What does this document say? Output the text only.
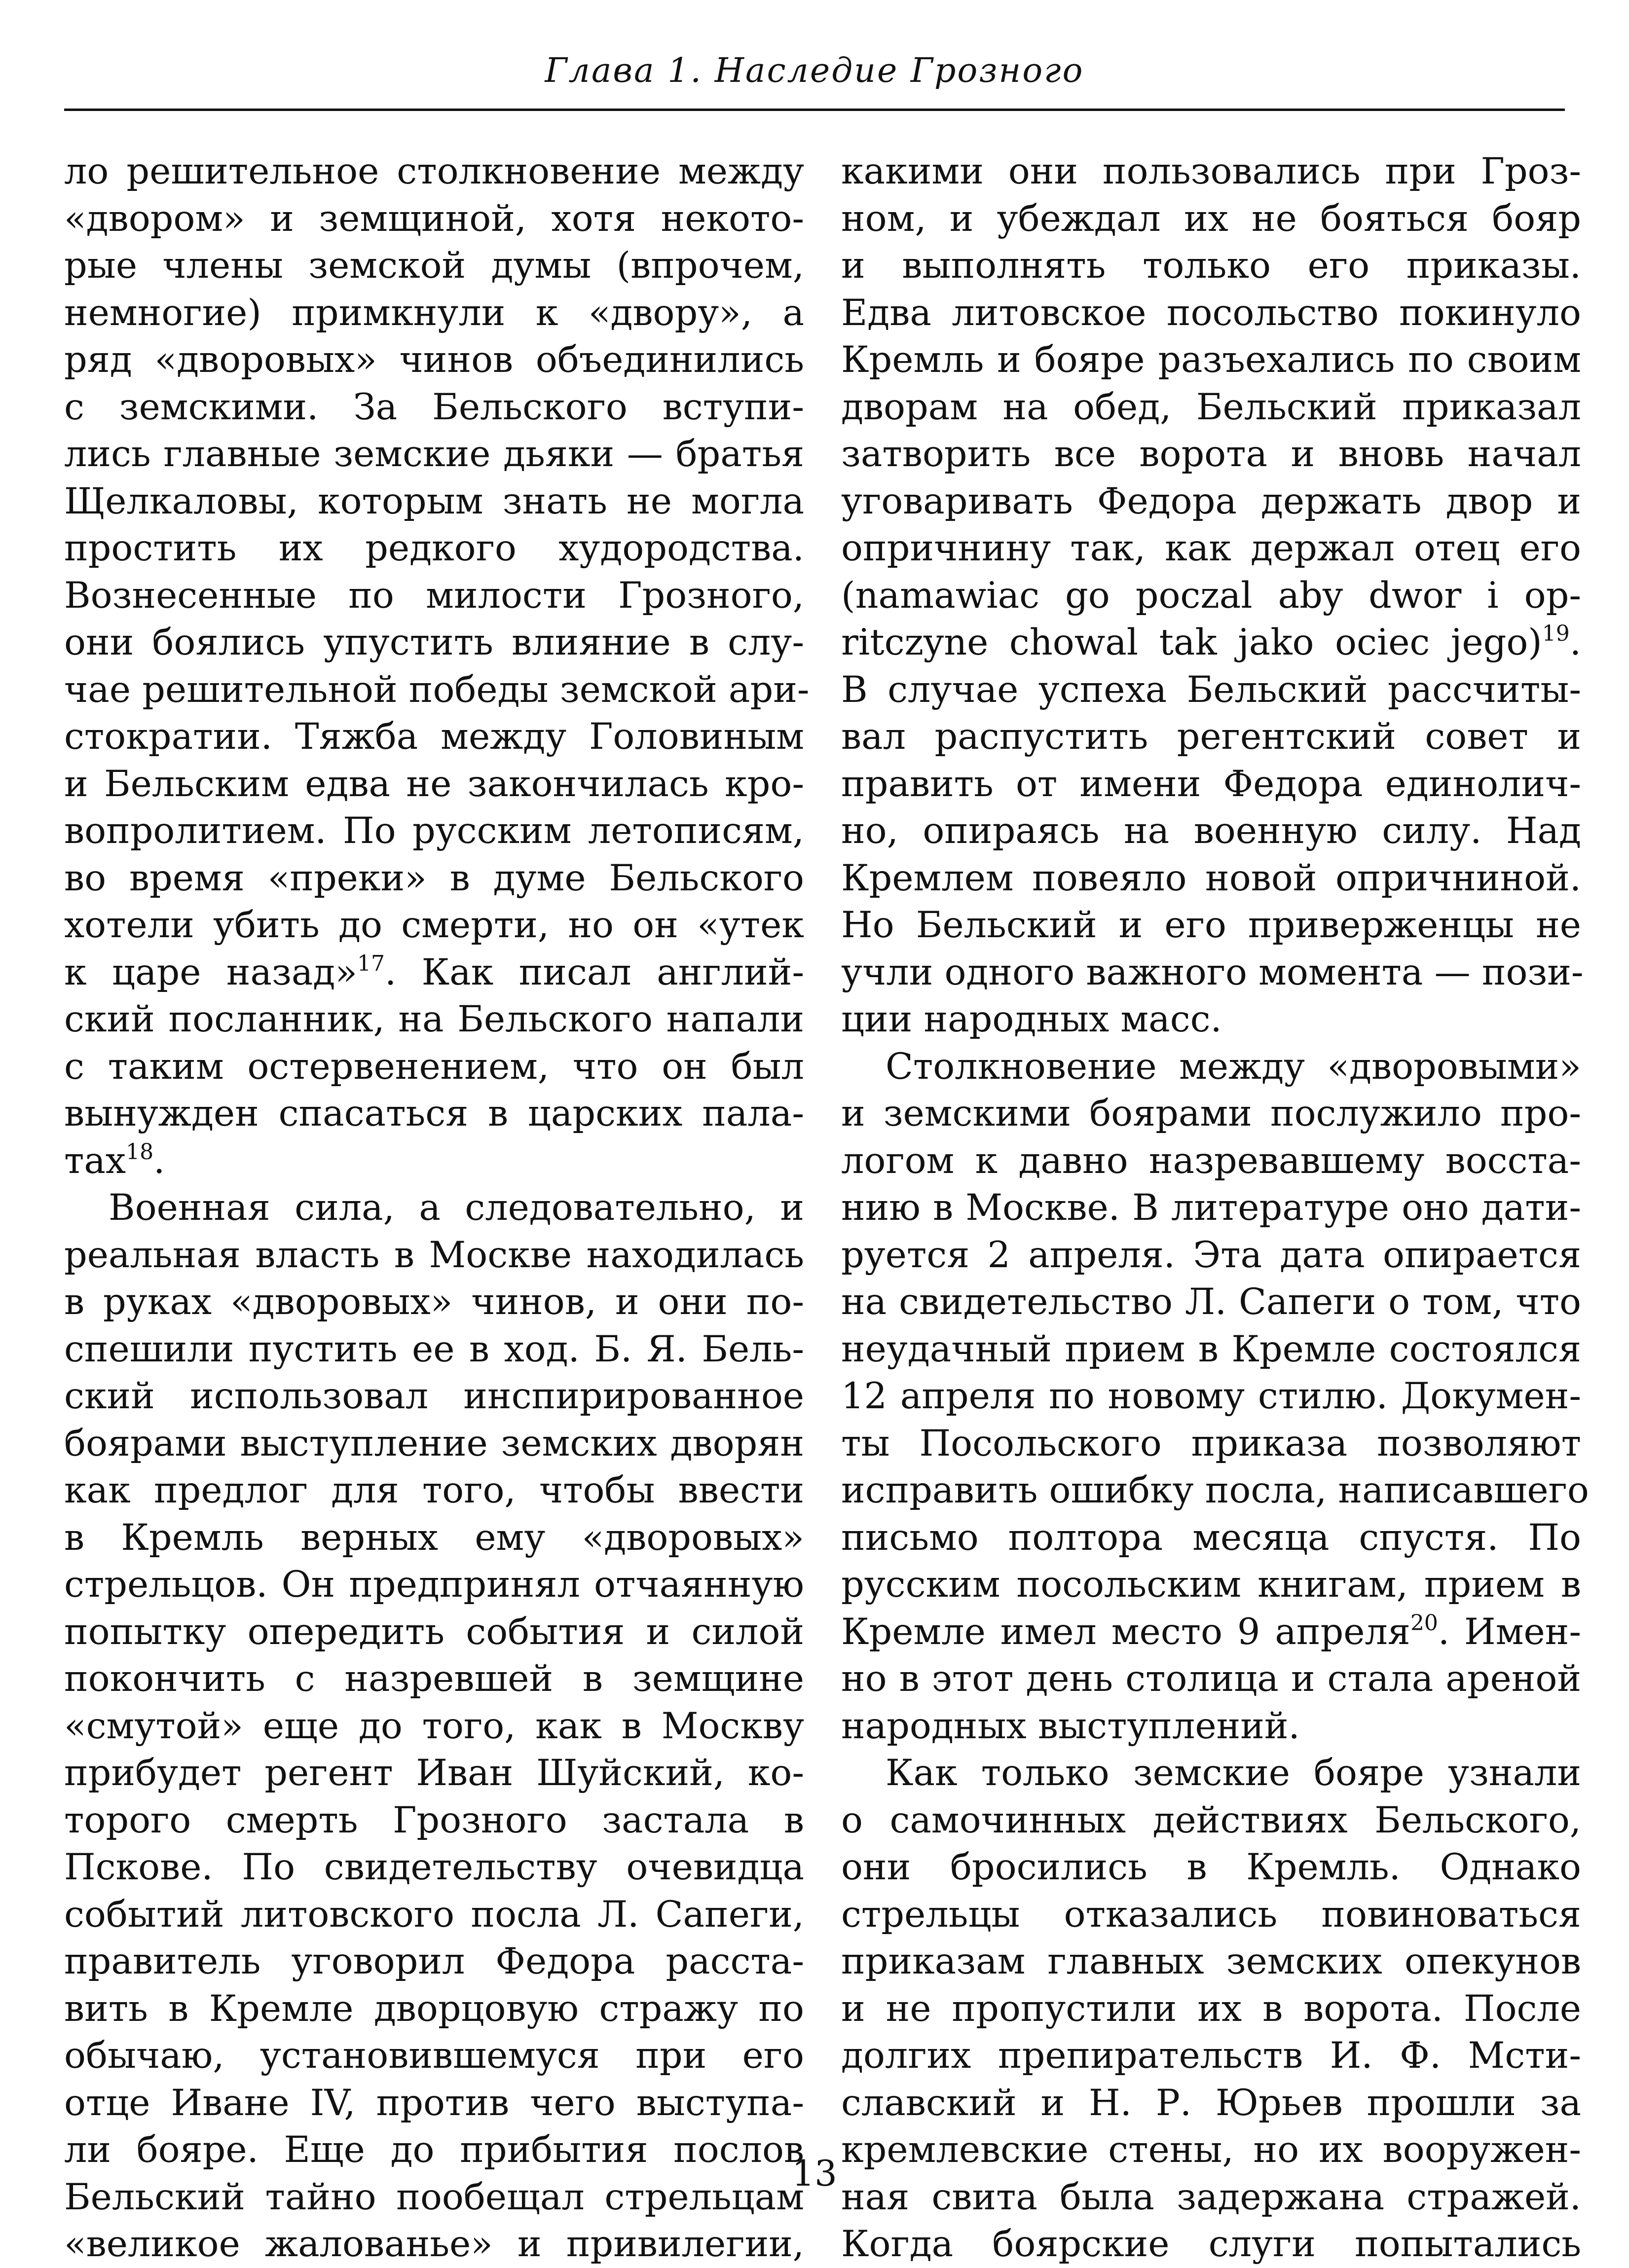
Глава 1. Наследие Грозного
ло решительное столкновение между
«двором» и земщиной, хотя некото-
рые члены земской думы (впрочем,
немногие) примкнули к «двору», а
ряд «дворовых» чинов объединились
с земскими. За Бельского вступи-
лись главные земские дьяки — братья
Щелкаловы, которым знать не могла
простить их редкого худородства.
Вознесенные по милости Грозного,
они боялись упустить влияние в слу-
чае решительной победы земской ари-
стократии. Тяжба между Головиным
и Бельским едва не закончилась кро-
вопролитием. По русским летописям,
во время «преки» в думе Бельского
хотели убить до смерти, но он «утек
к царе назад»$^{17}$. Как писал англий-
ский посланник, на Бельского напали
с таким остервенением, что он был
вынужден спасаться в царских пала-
тах$^{18}$.
Военная сила, а следовательно, и
реальная власть в Москве находилась
в руках «дворовых» чинов, и они по-
спешили пустить ее в ход. Б. Я. Бель-
ский использовал инспирированное
боярами выступление земских дворян
как предлог для того, чтобы ввести
в Кремль верных ему «дворовых»
стрельцов. Он предпринял отчаянную
попытку опередить события и силой
покончить с назревшей в земщине
«смутой» еще до того, как в Москву
прибудет регент Иван Шуйский, ко-
торого смерть Грозного застала в
Пскове. По свидетельству очевидца
событий литовского посла Л. Сапеги,
правитель уговорил Федора расста-
вить в Кремле дворцовую стражу по
обычаю, установившемуся при его
отце Иване IV, против чего выступа-
ли бояре. Еще до прибытия послов
Бельский тайно пообещал стрельцам
«великое жалованье» и привилегии,
какими они пользовались при Гроз-
ном, и убеждал их не бояться бояр
и выполнять только его приказы.
Едва литовское посольство покинуло
Кремль и бояре разъехались по своим
дворам на обед, Бельский приказал
затворить все ворота и вновь начал
уговаривать Федора держать двор и
опричнину так, как держал отец его
(namawiac go poczal aby dwor i op-
ritczyne chowal tak jako ociec jego)$^{19}$.
В случае успеха Бельский рассчиты-
вал распустить регентский совет и
править от имени Федора единолич-
но, опираясь на военную силу. Над
Кремлем повеяло новой опричниной.
Но Бельский и его приверженцы не
учли одного важного момента — пози-
ции народных масс.
Столкновение между «дворовыми»
и земскими боярами послужило про-
логом к давно назревавшему восста-
нию в Москве. В литературе оно дати-
руется 2 апреля. Эта дата опирается
на свидетельство Л. Сапеги о том, что
неудачный прием в Кремле состоялся
12 апреля по новому стилю. Докумен-
ты Посольского приказа позволяют
исправить ошибку посла, написавшего
письмо полтора месяца спустя. По
русским посольским книгам, прием в
Кремле имел место 9 апреля$^{20}$. Имен-
но в этот день столица и стала ареной
народных выступлений.
Как только земские бояре узнали
о самочинных действиях Бельского,
они бросились в Кремль. Однако
стрельцы отказались повиноваться
приказам главных земских опекунов
и не пропустили их в ворота. После
долгих препирательств И. Ф. Мсти-
славский и Н. Р. Юрьев прошли за
кремлевские стены, но их вооружен-
ная свита была задержана стражей.
Когда боярские слуги попытались
13
